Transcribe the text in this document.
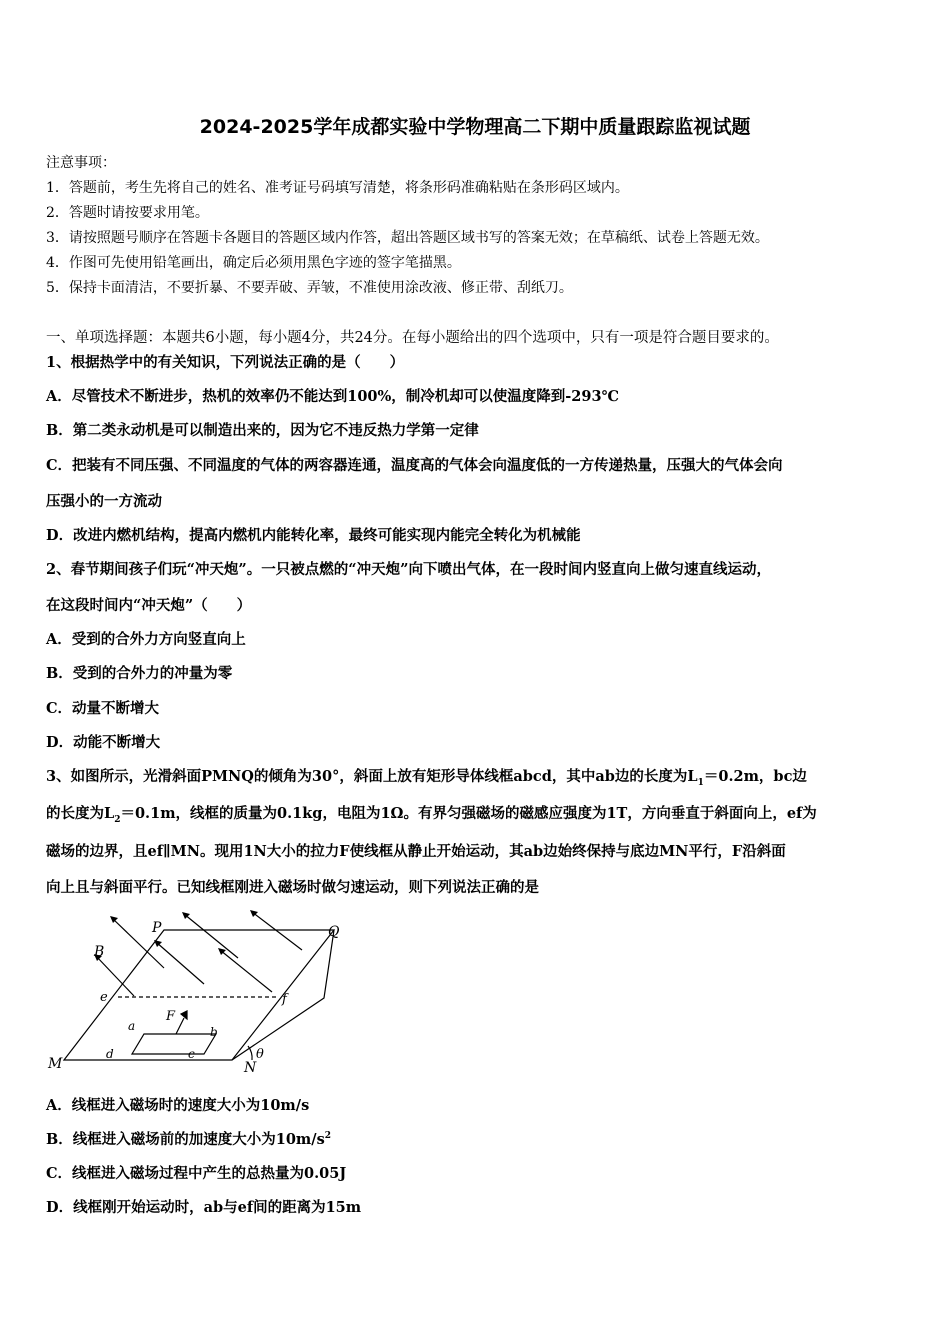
2024-2025学年成都实验中学物理高二下期中质量跟踪监视试题
注意事项：
1．答题前，考生先将自己的姓名、准考证号码填写清楚，将条形码准确粘贴在条形码区域内。
2．答题时请按要求用笔。
3．请按照题号顺序在答题卡各题目的答题区域内作答，超出答题区域书写的答案无效；在草稿纸、试卷上答题无效。
4．作图可先使用铅笔画出，确定后必须用黑色字迹的签字笔描黑。
5．保持卡面清洁，不要折暴、不要弄破、弄皱，不准使用涂改液、修正带、刮纸刀。
一、单项选择题：本题共6小题，每小题4分，共24分。在每小题给出的四个选项中，只有一项是符合题目要求的。
1、根据热学中的有关知识，下列说法正确的是（　　）
A．尽管技术不断进步，热机的效率仍不能达到100%，制冷机却可以使温度降到-293℃
B．第二类永动机是可以制造出来的，因为它不违反热力学第一定律
C．把装有不同压强、不同温度的气体的两容器连通，温度高的气体会向温度低的一方传递热量，压强大的气体会向
压强小的一方流动
D．改进内燃机结构，提高内燃机内能转化率，最终可能实现内能完全转化为机械能
2、春节期间孩子们玩“冲天炮”。一只被点燃的“冲天炮”向下喷出气体，在一段时间内竖直向上做匀速直线运动，
在这段时间内“冲天炮”（　　）
A．受到的合外力方向竖直向上
B．受到的合外力的冲量为零
C．动量不断增大
D．动能不断增大
3、如图所示，光滑斜面PMNQ的倾角为30°，斜面上放有矩形导体线框abcd，其中ab边的长度为$L_1=0.2m$，bc边
的长度为$L_2=0.1m$，线框的质量为0.1kg，电阻为1Ω。有界匀强磁场的磁感应强度为1T，方向垂直于斜面向上，ef为
磁场的边界，且ef∥MN。现用1N大小的拉力F使线框从静止开始运动，其ab边始终保持与底边MN平行，F沿斜面
向上且与斜面平行。已知线框刚进入磁场时做匀速运动，则下列说法正确的是
P	Q
B
e	f
F
a	b
c
d
M	N
θ
A．线框进入磁场时的速度大小为10m/s
B．线框进入磁场前的加速度大小为$10m/s^2$
C．线框进入磁场过程中产生的总热量为0.05J
D．线框刚开始运动时，ab与ef间的距离为15m
